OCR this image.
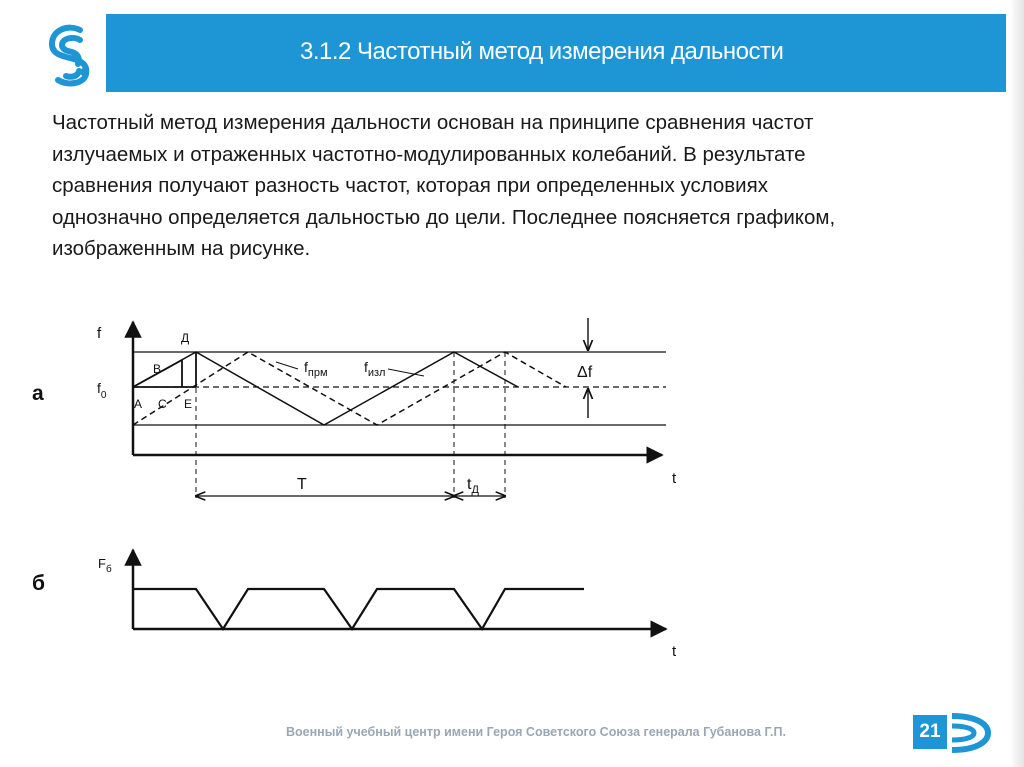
3.1.2 Частотный метод измерения дальности
Частотный метод измерения дальности основан на принципе сравнения частот
излучаемых и отраженных частотно-модулированных колебаний. В результате
сравнения получают разность частот, которая при определенных условиях
однозначно определяется дальностью до цели. Последнее поясняется графиком,
изображенным на рисунке.
а
б
f
t
$f_0$
Д
В
А С Е
$f_{прм}$	$f_{изл}$	Δf
T	$t_Д$
$F_б$
t
Военный учебный центр имени Героя Советского Союза генерала Губанова Г.П.	21
